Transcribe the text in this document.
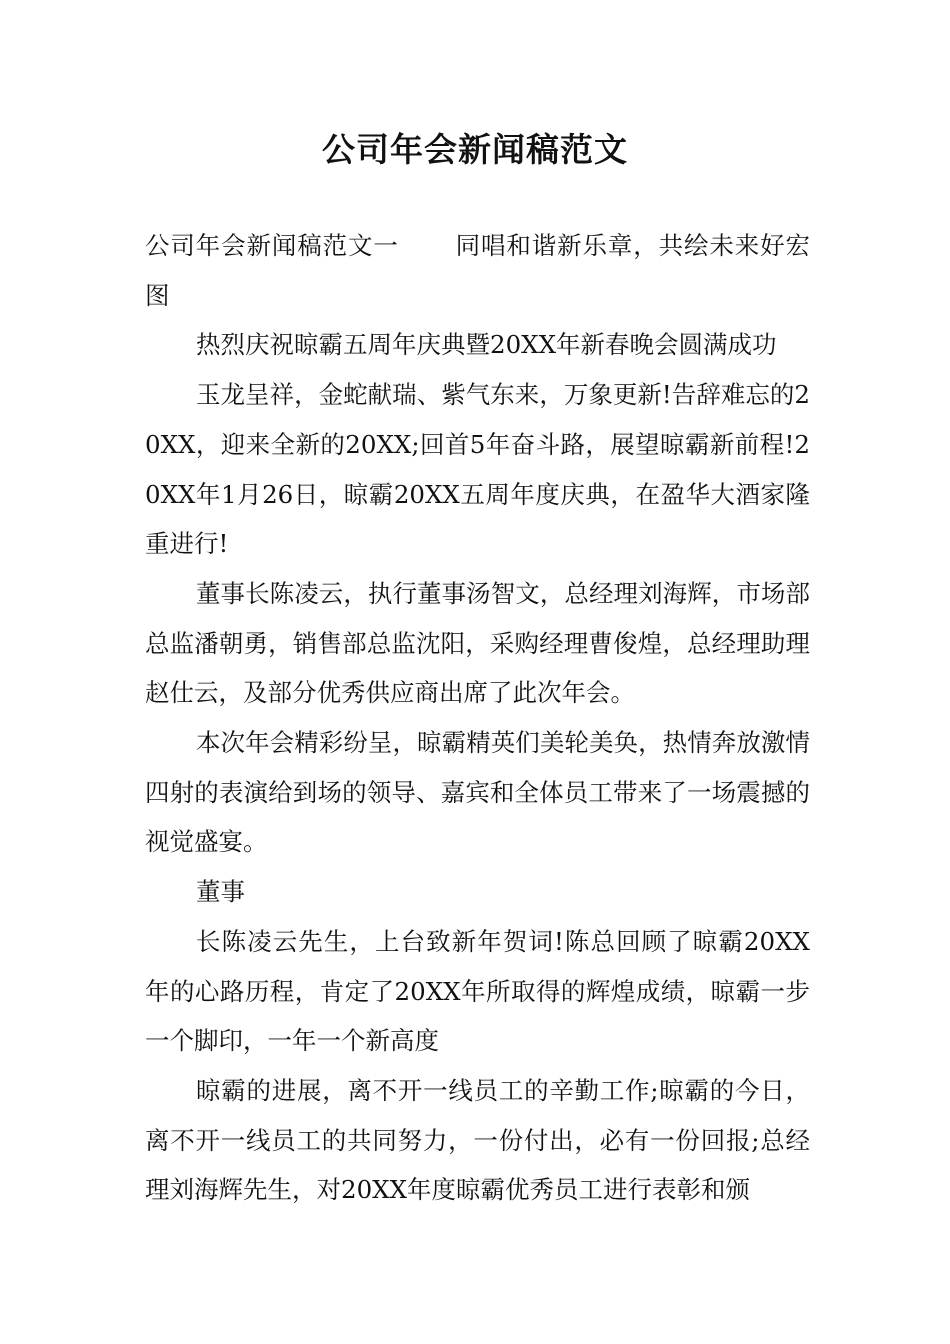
公司年会新闻稿范文

公司年会新闻稿范文一 同唱和谐新乐章，共绘未来好宏图

热烈庆祝晾霸五周年庆典暨20XX年新春晚会圆满成功

玉龙呈祥，金蛇献瑞、紫气东来，万象更新!告辞难忘的20XX，迎来全新的20XX;回首5年奋斗路，展望晾霸新前程!20XX年1月26日，晾霸20XX五周年度庆典，在盈华大酒家隆重进行!

董事长陈凌云，执行董事汤智文，总经理刘海辉，市场部总监潘朝勇，销售部总监沈阳，采购经理曹俊煌，总经理助理赵仕云，及部分优秀供应商出席了此次年会。

本次年会精彩纷呈，晾霸精英们美轮美奂，热情奔放激情四射的表演给到场的领导、嘉宾和全体员工带来了一场震撼的视觉盛宴。

董事

长陈凌云先生，上台致新年贺词!陈总回顾了晾霸20XX年的心路历程，肯定了20XX年所取得的辉煌成绩，晾霸一步一个脚印，一年一个新高度

晾霸的进展，离不开一线员工的辛勤工作;晾霸的今日，离不开一线员工的共同努力，一份付出，必有一份回报;总经理刘海辉先生，对20XX年度晾霸优秀员工进行表彰和颁
